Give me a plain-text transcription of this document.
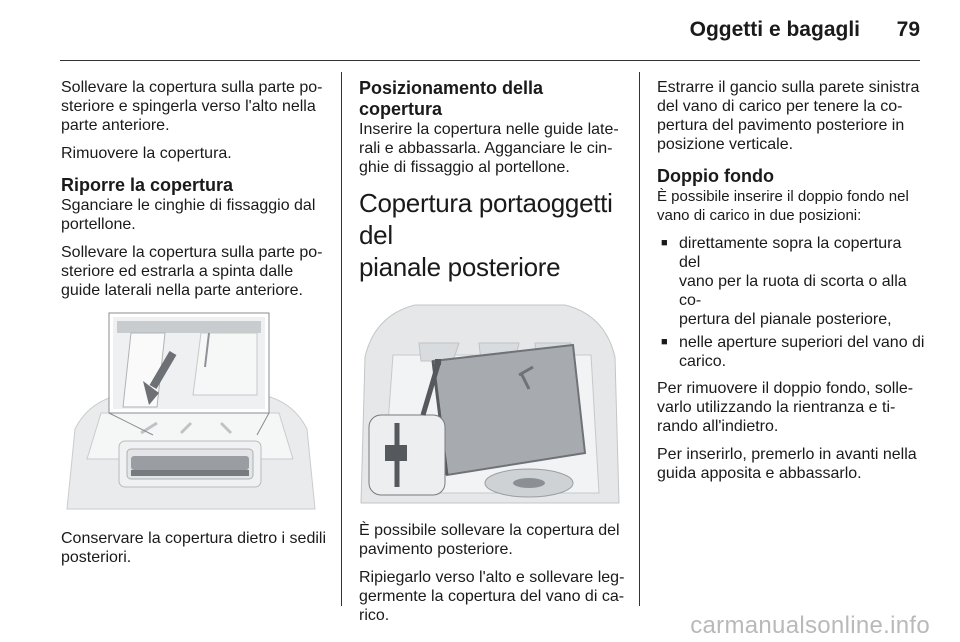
Oggetti e bagagli	79

Sollevare la copertura sulla parte po-
steriore e spingerla verso l'alto nella
parte anteriore.

Rimuovere la copertura.

Riporre la copertura

Sganciare le cinghie di fissaggio dal
portellone.

Sollevare la copertura sulla parte po-
steriore ed estrarla a spinta dalle
guide laterali nella parte anteriore.

Conservare la copertura dietro i sedili
posteriori.

Posizionamento della copertura

Inserire la copertura nelle guide late-
rali e abbassarla. Agganciare le cin-
ghie di fissaggio al portellone.

Copertura portaoggetti del
pianale posteriore

È possibile sollevare la copertura del
pavimento posteriore.

Ripiegarlo verso l'alto e sollevare leg-
germente la copertura del vano di ca-
rico.

Estrarre il gancio sulla parete sinistra
del vano di carico per tenere la co-
pertura del pavimento posteriore in
posizione verticale.

Doppio fondo

È possibile inserire il doppio fondo nel
vano di carico in due posizioni:

■ direttamente sopra la copertura del
vano per la ruota di scorta o alla co-
pertura del pianale posteriore,
■ nelle aperture superiori del vano di
carico.

Per rimuovere il doppio fondo, solle-
varlo utilizzando la rientranza e ti-
rando all'indietro.

Per inserirlo, premerlo in avanti nella
guida apposita e abbassarlo.

carmanualsonline.info
